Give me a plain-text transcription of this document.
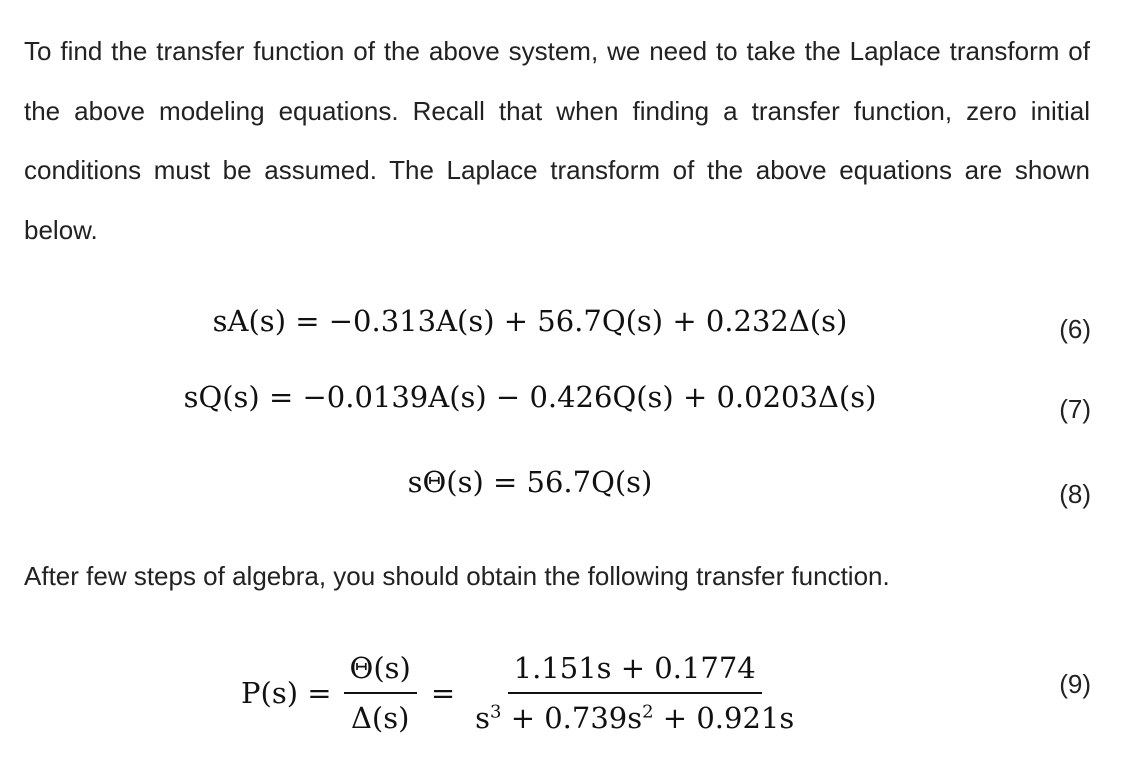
To find the transfer function of the above system, we need to take the Laplace transform of the above modeling equations. Recall that when finding a transfer function, zero initial conditions must be assumed. The Laplace transform of the above equations are shown below.

sA(s) = −0.313A(s) + 56.7Q(s) + 0.232Δ(s)	(6)
sQ(s) = −0.0139A(s) − 0.426Q(s) + 0.0203Δ(s)	(7)
sΘ(s) = 56.7Q(s)	(8)

After few steps of algebra, you should obtain the following transfer function.

$P(s) = \frac{\Theta(s)}{\Delta(s)} = \frac{1.151s + 0.1774}{s^3 + 0.739s^2 + 0.921s}$	(9)
